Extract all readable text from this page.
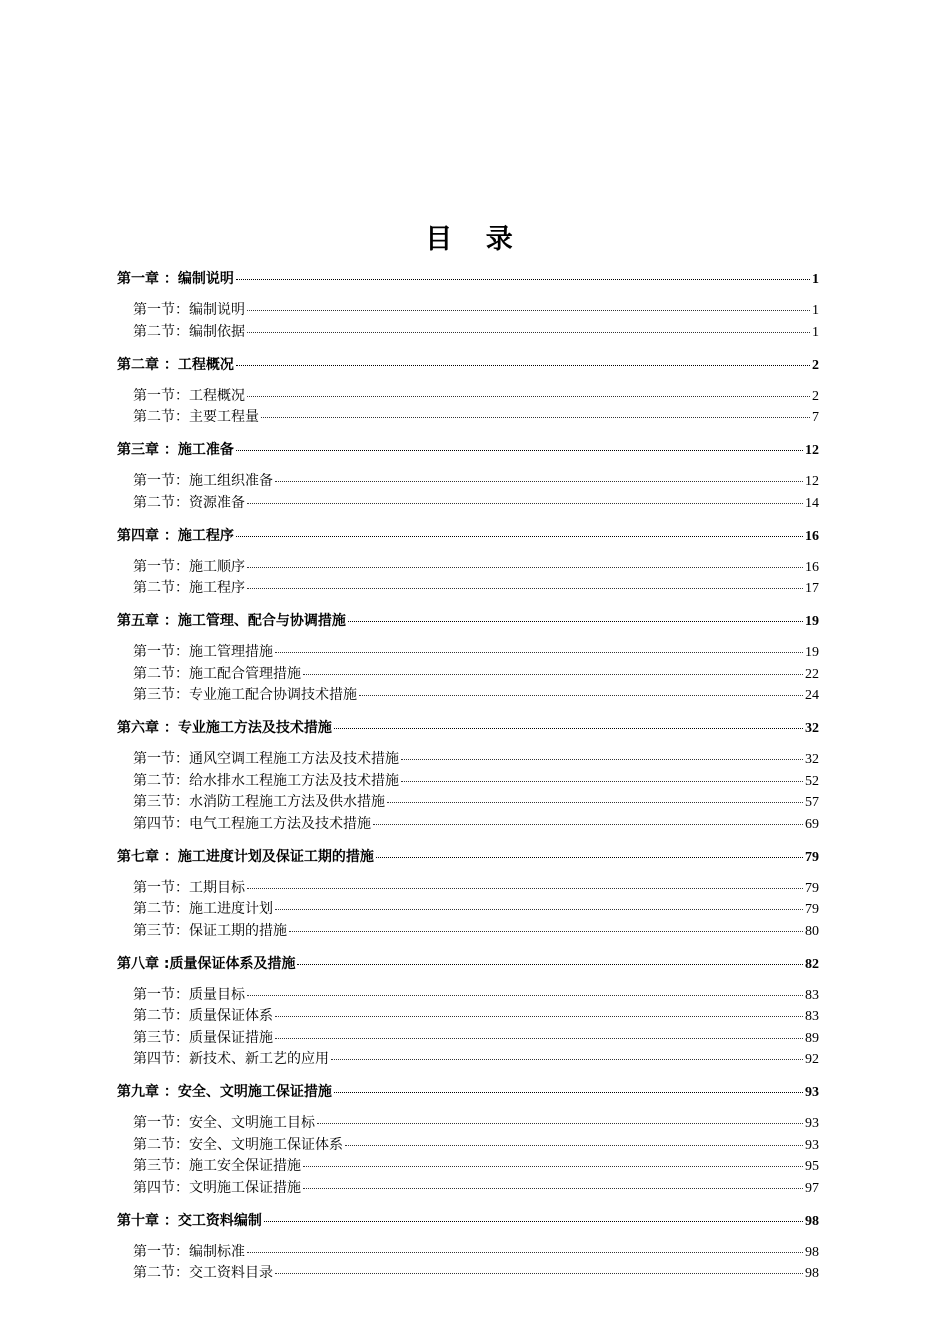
目 录
第一章 ：编制说明	1
第一节：编制说明	1
第二节：编制依据	1
第二章 ：工程概况	2
第一节：工程概况	2
第二节：主要工程量	7
第三章 ：施工准备	12
第一节：施工组织准备	12
第二节：资源准备	14
第四章 ：施工程序	16
第一节：施工顺序	16
第二节：施工程序	17
第五章 ：施工管理、配合与协调措施	19
第一节：施工管理措施	19
第二节：施工配合管理措施	22
第三节：专业施工配合协调技术措施	24
第六章 ：专业施工方法及技术措施	32
第一节：通风空调工程施工方法及技术措施	32
第二节：给水排水工程施工方法及技术措施	52
第三节：水消防工程施工方法及供水措施	57
第四节：电气工程施工方法及技术措施	69
第七章 ：施工进度计划及保证工期的措施	79
第一节：工期目标	79
第二节：施工进度计划	79
第三节：保证工期的措施	80
第八章 :质量保证体系及措施	82
第一节：质量目标	83
第二节：质量保证体系	83
第三节：质量保证措施	89
第四节：新技术、新工艺的应用	92
第九章 ：安全、文明施工保证措施	93
第一节：安全、文明施工目标	93
第二节：安全、文明施工保证体系	93
第三节：施工安全保证措施	95
第四节：文明施工保证措施	97
第十章 ：交工资料编制	98
第一节：编制标准	98
第二节：交工资料目录	98
